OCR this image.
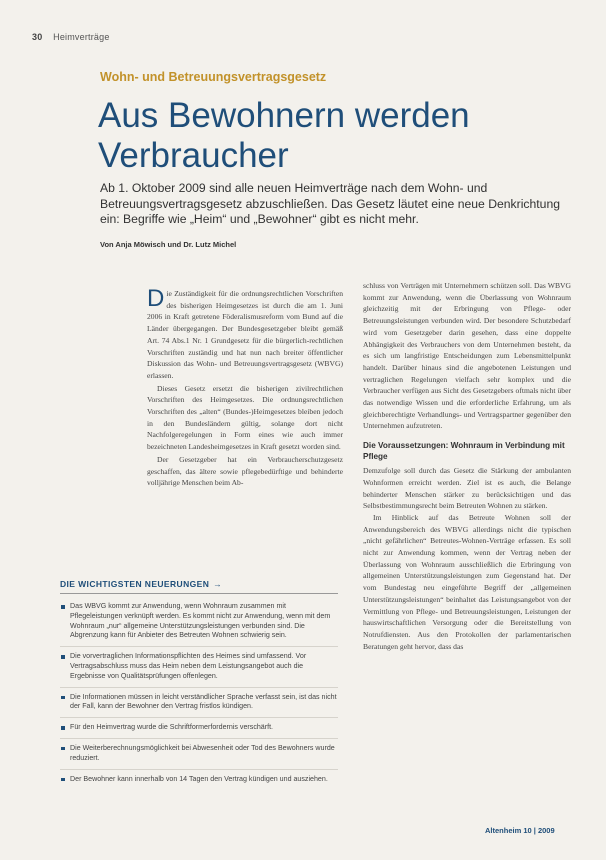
30 Heimverträge
Wohn- und Betreuungsvertragsgesetz
Aus Bewohnern werden Verbraucher
Ab 1. Oktober 2009 sind alle neuen Heimverträge nach dem Wohn- und Betreuungsvertragsgesetz abzuschließen. Das Gesetz läutet eine neue Denkrichtung ein: Begriffe wie „Heim“ und „Bewohner“ gibt es nicht mehr.
Von Anja Möwisch und Dr. Lutz Michel

Die Zuständigkeit für die ordnungsrechtlichen Vorschriften des bisherigen Heimgesetzes ist durch die am 1. Juni 2006 in Kraft getretene Föderalismusreform vom Bund auf die Länder übergegangen. Der Bundesgesetzgeber bleibt gemäß Art. 74 Abs.1 Nr. 1 Grundgesetz für die bürgerlich-rechtlichen Vorschriften zuständig und hat nun nach breiter öffentlicher Diskussion das Wohn- und Betreuungsvertragsgesetz (WBVG) erlassen.

Dieses Gesetz ersetzt die bisherigen zivilrechtlichen Vorschriften des Heimgesetzes. Die ordnungsrechtlichen Vorschriften des „alten“ (Bundes-)Heimgesetzes bleiben jedoch in den Bundesländern gültig, solange dort nicht Nachfolgeregelungen in Form eines wie auch immer bezeichneten Landesheimgesetzes in Kraft gesetzt worden sind.

Der Gesetzgeber hat ein Verbraucherschutzgesetz geschaffen, das ältere sowie pflegebedürftige und behinderte volljährige Menschen beim Ab-

schluss von Verträgen mit Unternehmern schützen soll. Das WBVG kommt zur Anwendung, wenn die Überlassung von Wohnraum gleichzeitig mit der Erbringung von Pflege- oder Betreuungsleistungen verbunden wird. Der besondere Schutzbedarf wird vom Gesetzgeber darin gesehen, dass eine doppelte Abhängigkeit des Verbrauchers von dem Unternehmen besteht, da es sich um langfristige Entscheidungen zum Lebensmittelpunkt handelt. Darüber hinaus sind die angebotenen Leistungen und vertraglichen Regelungen vielfach sehr komplex und die Verbraucher verfügen aus Sicht des Gesetzgebers oftmals nicht über das notwendige Wissen und die erforderliche Erfahrung, um als gleichberechtigte Verhandlungs- und Vertragspartner gegenüber den Unternehmen aufzutreten.

Die Voraussetzungen: Wohnraum in Verbindung mit Pflege

Demzufolge soll durch das Gesetz die Stärkung der ambulanten Wohnformen erreicht werden. Ziel ist es auch, die Belange behinderter Menschen stärker zu berücksichtigen und das Selbstbestimmungsrecht beim Betreuten Wohnen zu stärken.

Im Hinblick auf das Betreute Wohnen soll der Anwendungsbereich des WBVG allerdings nicht die typischen „nicht gefährlichen“ Betreutes-Wohnen-Verträge erfassen. Es soll nicht zur Anwendung kommen, wenn der Vertrag neben der Überlassung von Wohnraum ausschließlich die Erbringung von allgemeinen Unterstützungsleistungen zum Gegenstand hat. Der vom Bundestag neu eingeführte Begriff der „allgemeinen Unterstützungsleistungen“ beinhaltet das Leistungsangebot von der Vermittlung von Pflege- und Betreuungsleistungen, Leistungen der hauswirtschaftlichen Versorgung oder die Bereitstellung von Notrufdiensten. Aus den Protokollen der parlamentarischen Beratungen geht hervor, dass das

DIE WICHTIGSTEN NEUERUNGEN →
Das WBVG kommt zur Anwendung, wenn Wohnraum zusammen mit Pflegeleistungen verknüpft werden. Es kommt nicht zur Anwendung, wenn mit dem Wohnraum „nur“ allgemeine Unterstützungsleistungen verbunden sind. Die Abgrenzung kann für Anbieter des Betreuten Wohnen schwierig sein.
Die vorvertraglichen Informationspflichten des Heimes sind umfassend. Vor Vertragsabschluss muss das Heim neben dem Leistungsangebot auch die Ergebnisse von Qualitätsprüfungen offenlegen.
Die Informationen müssen in leicht verständlicher Sprache verfasst sein, ist das nicht der Fall, kann der Bewohner den Vertrag fristlos kündigen.
Für den Heimvertrag wurde die Schriftformerfordernis verschärft.
Die Weiterberechnungsmöglichkeit bei Abwesenheit oder Tod des Bewohners wurde reduziert.
Der Bewohner kann innerhalb von 14 Tagen den Vertrag kündigen und ausziehen.
Altenheim 10 | 2009
